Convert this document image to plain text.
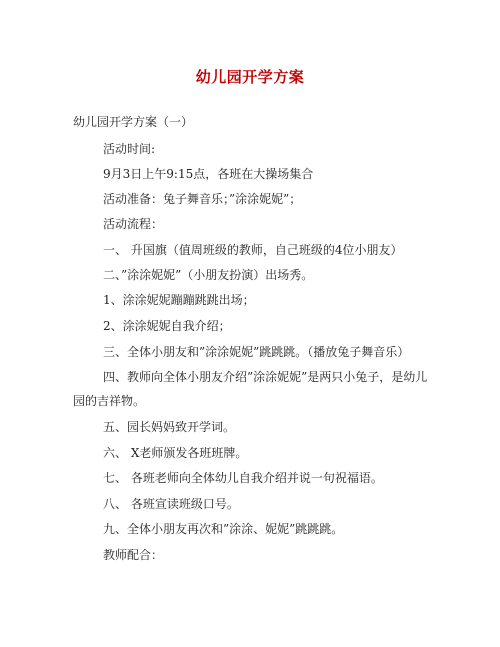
幼儿园开学方案
幼儿园开学方案（一）
活动时间:
9月3日上午9:15点，各班在大操场集合
活动准备：兔子舞音乐；”涂涂妮妮”；
活动流程：
一、 升国旗（值周班级的教师，自己班级的4位小朋友）
二、”涂涂妮妮”（小朋友扮演）出场秀。
1、涂涂妮妮蹦蹦跳跳出场；
2、涂涂妮妮自我介绍；
三、全体小朋友和”涂涂妮妮”跳跳跳。（播放兔子舞音乐）
四、教师向全体小朋友介绍”涂涂妮妮”是两只小兔子，是幼儿
园的吉祥物。
五、园长妈妈致开学词。
六、 X老师颁发各班班牌。
七、 各班老师向全体幼儿自我介绍并说一句祝福语。
八、 各班宣读班级口号。
九、全体小朋友再次和”涂涂、妮妮”跳跳跳。
教师配合：
